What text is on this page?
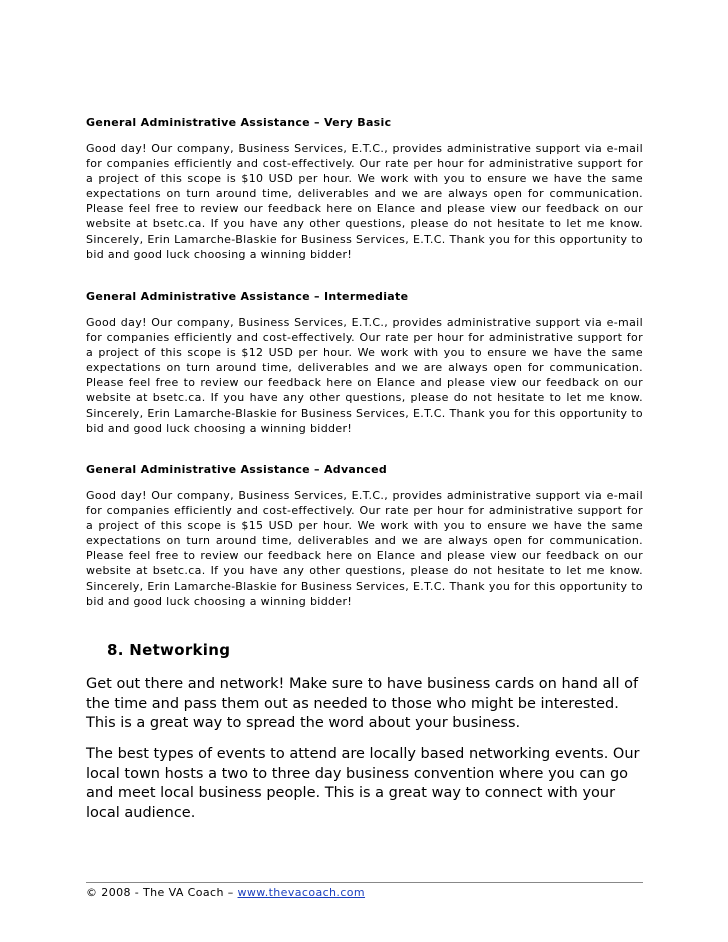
General Administrative Assistance – Very Basic

Good day! Our company, Business Services, E.T.C., provides administrative support via e-mail for companies efficiently and cost-effectively. Our rate per hour for administrative support for a project of this scope is $10 USD per hour. We work with you to ensure we have the same expectations on turn around time, deliverables and we are always open for communication. Please feel free to review our feedback here on Elance and please view our feedback on our website at bsetc.ca. If you have any other questions, please do not hesitate to let me know. Sincerely, Erin Lamarche-Blaskie for Business Services, E.T.C. Thank you for this opportunity to bid and good luck choosing a winning bidder!

General Administrative Assistance – Intermediate

Good day! Our company, Business Services, E.T.C., provides administrative support via e-mail for companies efficiently and cost-effectively. Our rate per hour for administrative support for a project of this scope is $12 USD per hour. We work with you to ensure we have the same expectations on turn around time, deliverables and we are always open for communication. Please feel free to review our feedback here on Elance and please view our feedback on our website at bsetc.ca. If you have any other questions, please do not hesitate to let me know. Sincerely, Erin Lamarche-Blaskie for Business Services, E.T.C. Thank you for this opportunity to bid and good luck choosing a winning bidder!

General Administrative Assistance – Advanced

Good day! Our company, Business Services, E.T.C., provides administrative support via e-mail for companies efficiently and cost-effectively. Our rate per hour for administrative support for a project of this scope is $15 USD per hour. We work with you to ensure we have the same expectations on turn around time, deliverables and we are always open for communication. Please feel free to review our feedback here on Elance and please view our feedback on our website at bsetc.ca. If you have any other questions, please do not hesitate to let me know. Sincerely, Erin Lamarche-Blaskie for Business Services, E.T.C. Thank you for this opportunity to bid and good luck choosing a winning bidder!

8. Networking

Get out there and network! Make sure to have business cards on hand all of the time and pass them out as needed to those who might be interested. This is a great way to spread the word about your business.

The best types of events to attend are locally based networking events. Our local town hosts a two to three day business convention where you can go and meet local business people. This is a great way to connect with your local audience.

© 2008 - The VA Coach – www.thevacoach.com
